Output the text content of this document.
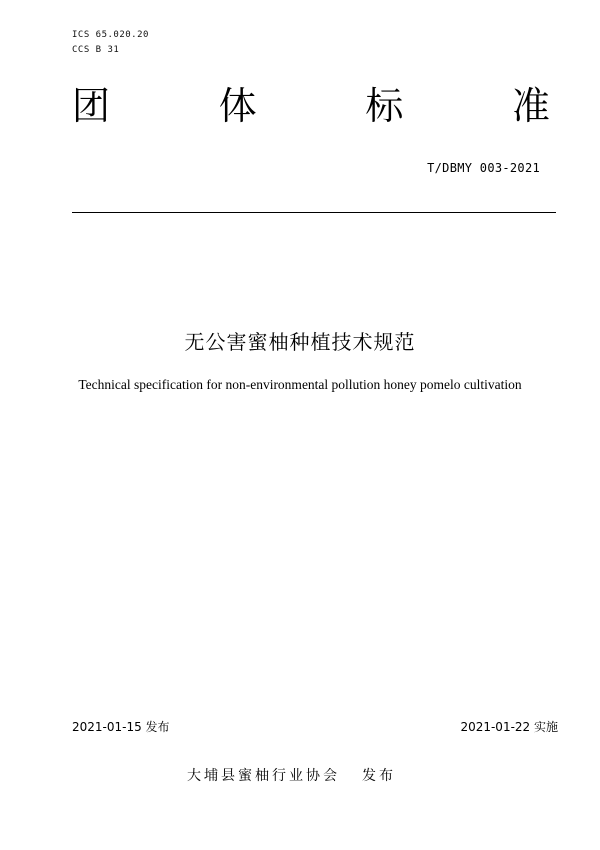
ICS 65.020.20
CCS B 31
团	体	标	准
T/DBMY 003-2021
无公害蜜柚种植技术规范
Technical specification for non-environmental pollution honey pomelo cultivation
2021-01-15 发布	2021-01-22 实施
大埔县蜜柚行业协会 发布
